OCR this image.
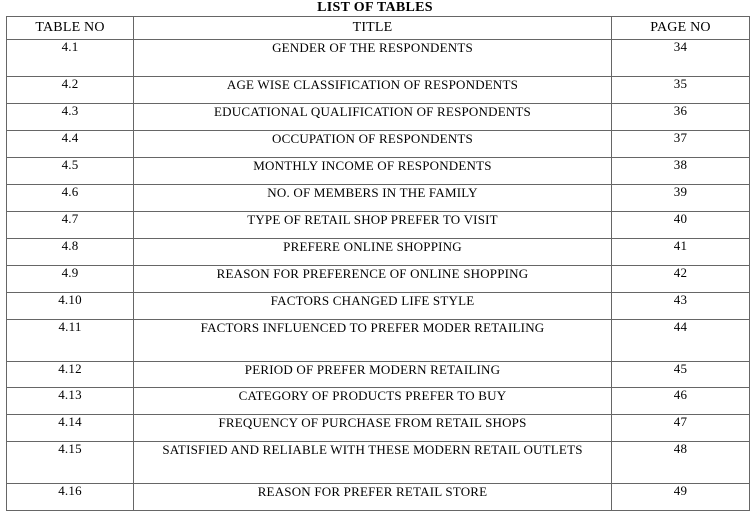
LIST OF TABLES
TABLE NO	TITLE	PAGE NO
4.1	GENDER OF THE RESPONDENTS	34
4.2	AGE WISE CLASSIFICATION OF RESPONDENTS	35
4.3	EDUCATIONAL QUALIFICATION OF RESPONDENTS	36
4.4	OCCUPATION OF RESPONDENTS	37
4.5	MONTHLY INCOME OF RESPONDENTS	38
4.6	NO. OF MEMBERS IN THE FAMILY	39
4.7	TYPE OF RETAIL SHOP PREFER TO VISIT	40
4.8	PREFERE ONLINE SHOPPING	41
4.9	REASON FOR PREFERENCE OF ONLINE SHOPPING	42
4.10	FACTORS CHANGED LIFE STYLE	43
4.11	FACTORS INFLUENCED TO PREFER MODER RETAILING	44
4.12	PERIOD OF PREFER MODERN RETAILING	45
4.13	CATEGORY OF PRODUCTS PREFER TO BUY	46
4.14	FREQUENCY OF PURCHASE FROM RETAIL SHOPS	47
4.15	SATISFIED AND RELIABLE WITH THESE MODERN RETAIL OUTLETS	48
4.16	REASON FOR PREFER RETAIL STORE	49
